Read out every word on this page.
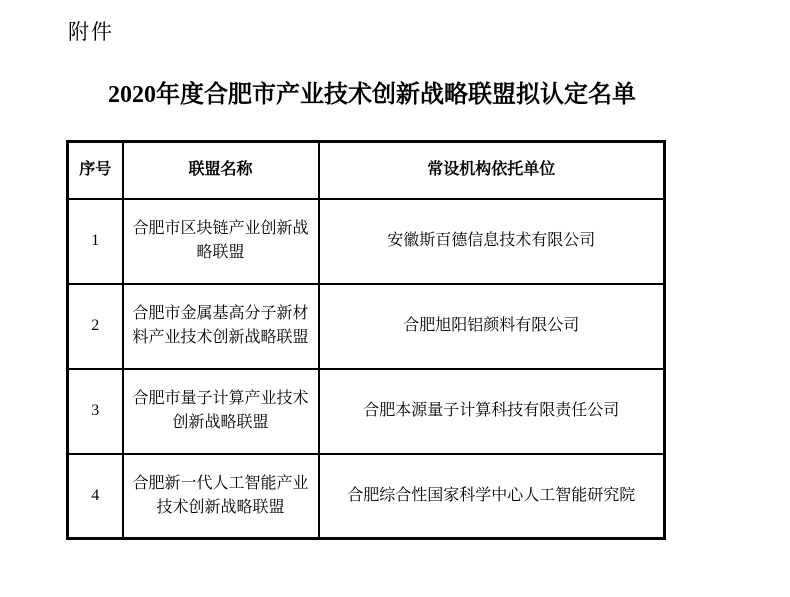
附件
2020年度合肥市产业技术创新战略联盟拟认定名单
序号	联盟名称	常设机构依托单位
1	合肥市区块链产业创新战略联盟	安徽斯百德信息技术有限公司
2	合肥市金属基高分子新材料产业技术创新战略联盟	合肥旭阳铝颜料有限公司
3	合肥市量子计算产业技术创新战略联盟	合肥本源量子计算科技有限责任公司
4	合肥新一代人工智能产业技术创新战略联盟	合肥综合性国家科学中心人工智能研究院
